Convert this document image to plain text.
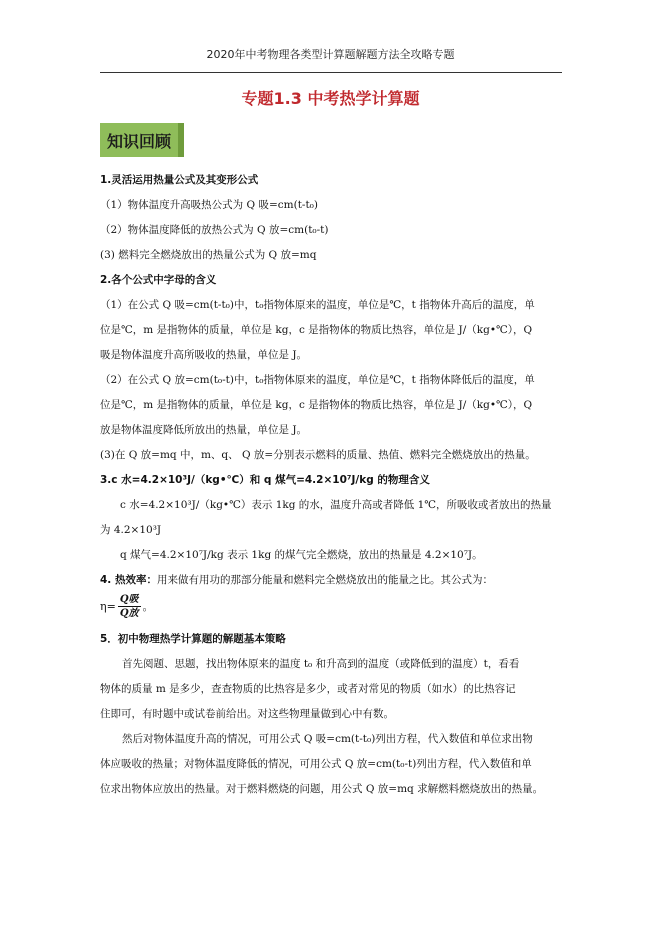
2020年中考物理各类型计算题解题方法全攻略专题
专题1.3 中考热学计算题
知识回顾
1.灵活运用热量公式及其变形公式
（1）物体温度升高吸热公式为 Q 吸=cm(t-t₀)
（2）物体温度降低的放热公式为 Q 放=cm(t₀-t)
(3) 燃料完全燃烧放出的热量公式为 Q 放=mq
2.各个公式中字母的含义
（1）在公式 Q 吸=cm(t-t₀)中，t₀指物体原来的温度，单位是℃，t 指物体升高后的温度，单
位是℃，m 是指物体的质量，单位是 kg，c 是指物体的物质比热容，单位是 J/（kg•℃），Q
吸是物体温度升高所吸收的热量，单位是 J。
（2）在公式 Q 放=cm(t₀-t)中，t₀指物体原来的温度，单位是℃，t 指物体降低后的温度，单
位是℃，m 是指物体的质量，单位是 kg，c 是指物体的物质比热容，单位是 J/（kg•℃），Q
放是物体温度降低所放出的热量，单位是 J。
(3)在 Q 放=mq 中，m、q、 Q 放=分别表示燃料的质量、热值、燃料完全燃烧放出的热量。
3.c 水=4.2×10³J/（kg•℃）和 q 煤气=4.2×10⁷J/kg 的物理含义
c 水=4.2×10³J/（kg•℃）表示 1kg 的水，温度升高或者降低 1℃，所吸收或者放出的热量
为 4.2×10³J
q 煤气=4.2×10⁷J/kg 表示 1kg 的煤气完全燃烧，放出的热量是 4.2×10⁷J。
4. 热效率：用来做有用功的那部分能量和燃料完全燃烧放出的能量之比。其公式为：
$\eta= \frac{\text{Q吸}}{\text{Q放}}$ 。
5．初中物理热学计算题的解题基本策略
首先阅题、思题，找出物体原来的温度 t₀ 和升高到的温度（或降低到的温度）t，看看
物体的质量 m 是多少，查查物质的比热容是多少，或者对常见的物质（如水）的比热容记
住即可，有时题中或试卷前给出。对这些物理量做到心中有数。
然后对物体温度升高的情况，可用公式 Q 吸=cm(t-t₀)列出方程，代入数值和单位求出物
体应吸收的热量；对物体温度降低的情况，可用公式 Q 放=cm(t₀-t)列出方程，代入数值和单
位求出物体应放出的热量。对于燃料燃烧的问题，用公式 Q 放=mq 求解燃料燃烧放出的热量。
